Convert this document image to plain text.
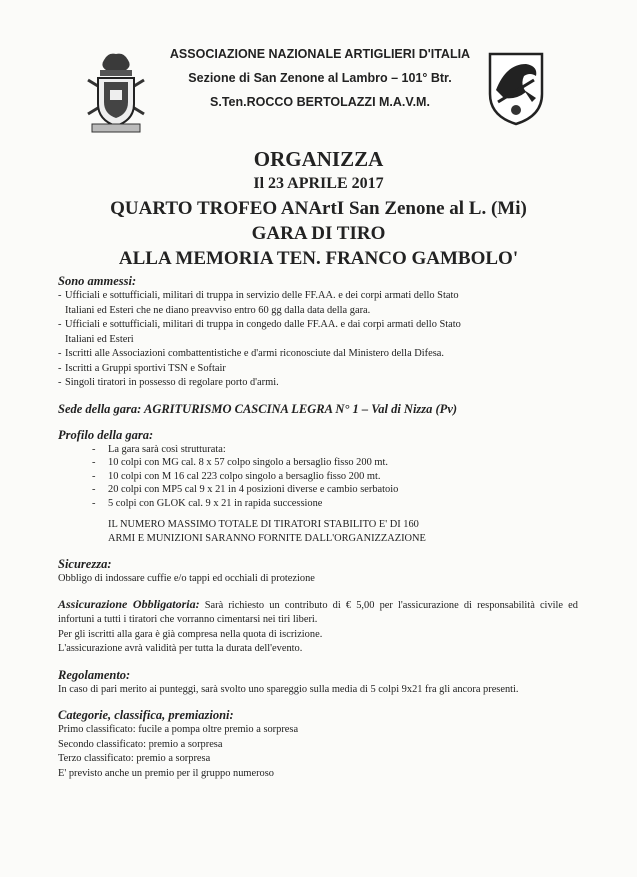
ASSOCIAZIONE NAZIONALE ARTIGLIERI D'ITALIA
Sezione di San Zenone al Lambro – 101° Btr.
S.Ten.ROCCO BERTOLAZZI M.A.V.M.
ORGANIZZA
Il 23 APRILE 2017
QUARTO TROFEO ANArtI San Zenone al L. (Mi)
GARA DI TIRO
ALLA MEMORIA TEN. FRANCO GAMBOLO'
Sono ammessi:
- Ufficiali e sottufficiali, militari di truppa in servizio delle FF.AA. e dei corpi armati dello Stato
Italiani ed Esteri che ne diano preavviso entro 60 gg dalla data della gara.
- Ufficiali e sottufficiali, militari di truppa in congedo dalle FF.AA. e dai corpi armati dello Stato
Italiani ed Esteri
- Iscritti alle Associazioni combattentistiche e d'armi riconosciute dal Ministero della Difesa.
- Iscritti a Gruppi sportivi TSN e Softair
- Singoli tiratori in possesso di regolare porto d'armi.
Sede della gara: AGRITURISMO CASCINA LEGRA N° 1 – Val di Nizza (Pv)
Profilo della gara:
- La gara sarà così strutturata:
- 10 colpi con MG cal. 8 x 57 colpo singolo a bersaglio fisso 200 mt.
- 10 colpi con M 16 cal 223 colpo singolo a bersaglio fisso 200 mt.
- 20 colpi con MP5 cal 9 x 21 in 4 posizioni diverse e cambio serbatoio
- 5 colpi con GLOK cal. 9 x 21 in rapida successione
IL NUMERO MASSIMO TOTALE DI TIRATORI STABILITO E' DI 160
ARMI E MUNIZIONI SARANNO FORNITE DALL'ORGANIZZAZIONE
Sicurezza:
Obbligo di indossare cuffie e/o tappi ed occhiali di protezione
Assicurazione Obbligatoria: Sarà richiesto un contributo di € 5,00 per l'assicurazione di responsabilità civile ed infortuni a tutti i tiratori che vorranno cimentarsi nei tiri liberi.
Per gli iscritti alla gara è già compresa nella quota di iscrizione.
L'assicurazione avrà validità per tutta la durata dell'evento.
Regolamento:
In caso di pari merito ai punteggi, sarà svolto uno spareggio sulla media di 5 colpi 9x21 fra gli ancora presenti.
Categorie, classifica, premiazioni:
Primo classificato: fucile a pompa oltre premio a sorpresa
Secondo classificato: premio a sorpresa
Terzo classificato: premio a sorpresa
E' previsto anche un premio per il gruppo numeroso
